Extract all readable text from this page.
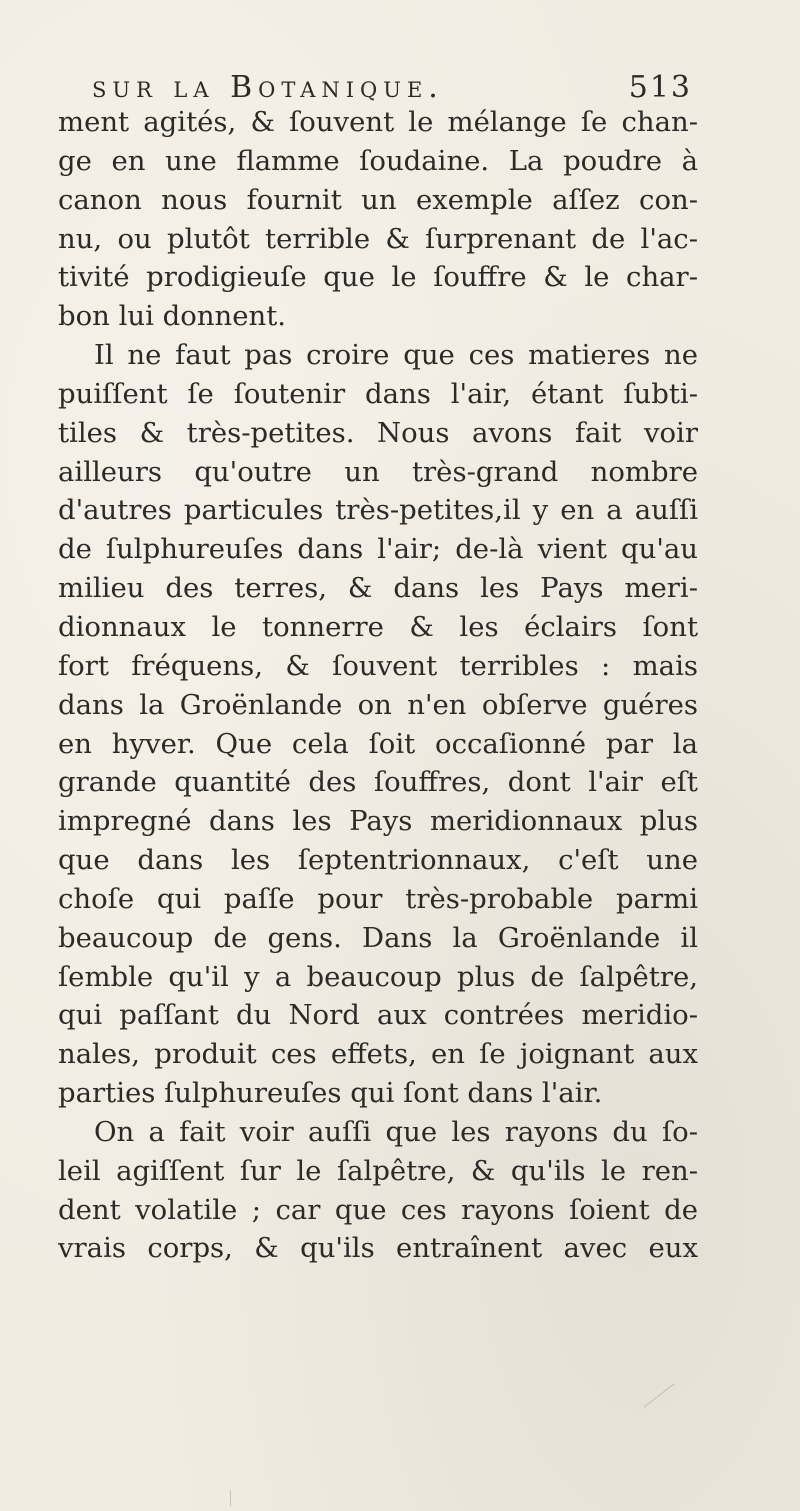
sur la Botanique.	513
ment agités, & ſouvent le mélange ſe chan-
ge en une flamme ſoudaine. La poudre à
canon nous fournit un exemple aſſez con-
nu, ou plutôt terrible & ſurprenant de l'ac-
tivité prodigieuſe que le ſouffre & le char-
bon lui donnent.
Il ne faut pas croire que ces matieres ne
puiſſent ſe ſoutenir dans l'air, étant ſubti-
tiles & très-petites. Nous avons fait voir
ailleurs qu'outre un très-grand nombre
d'autres particules très-petites,il y en a auſſi
de ſulphureuſes dans l'air; de-là vient qu'au
milieu des terres, & dans les Pays meri-
dionnaux le tonnerre & les éclairs ſont
fort fréquens, & ſouvent terribles : mais
dans la Groënlande on n'en obſerve guéres
en hyver. Que cela ſoit occaſionné par la
grande quantité des ſouffres, dont l'air eſt
impregné dans les Pays meridionnaux plus
que dans les ſeptentrionnaux, c'eſt une
choſe qui paſſe pour très-probable parmi
beaucoup de gens. Dans la Groënlande il
ſemble qu'il y a beaucoup plus de ſalpêtre,
qui paſſant du Nord aux contrées meridio-
nales, produit ces effets, en ſe joignant aux
parties ſulphureuſes qui ſont dans l'air.
On a fait voir auſſi que les rayons du ſo-
leil agiſſent ſur le ſalpêtre, & qu'ils le ren-
dent volatile ; car que ces rayons ſoient de
vrais corps, & qu'ils entraînent avec eux
